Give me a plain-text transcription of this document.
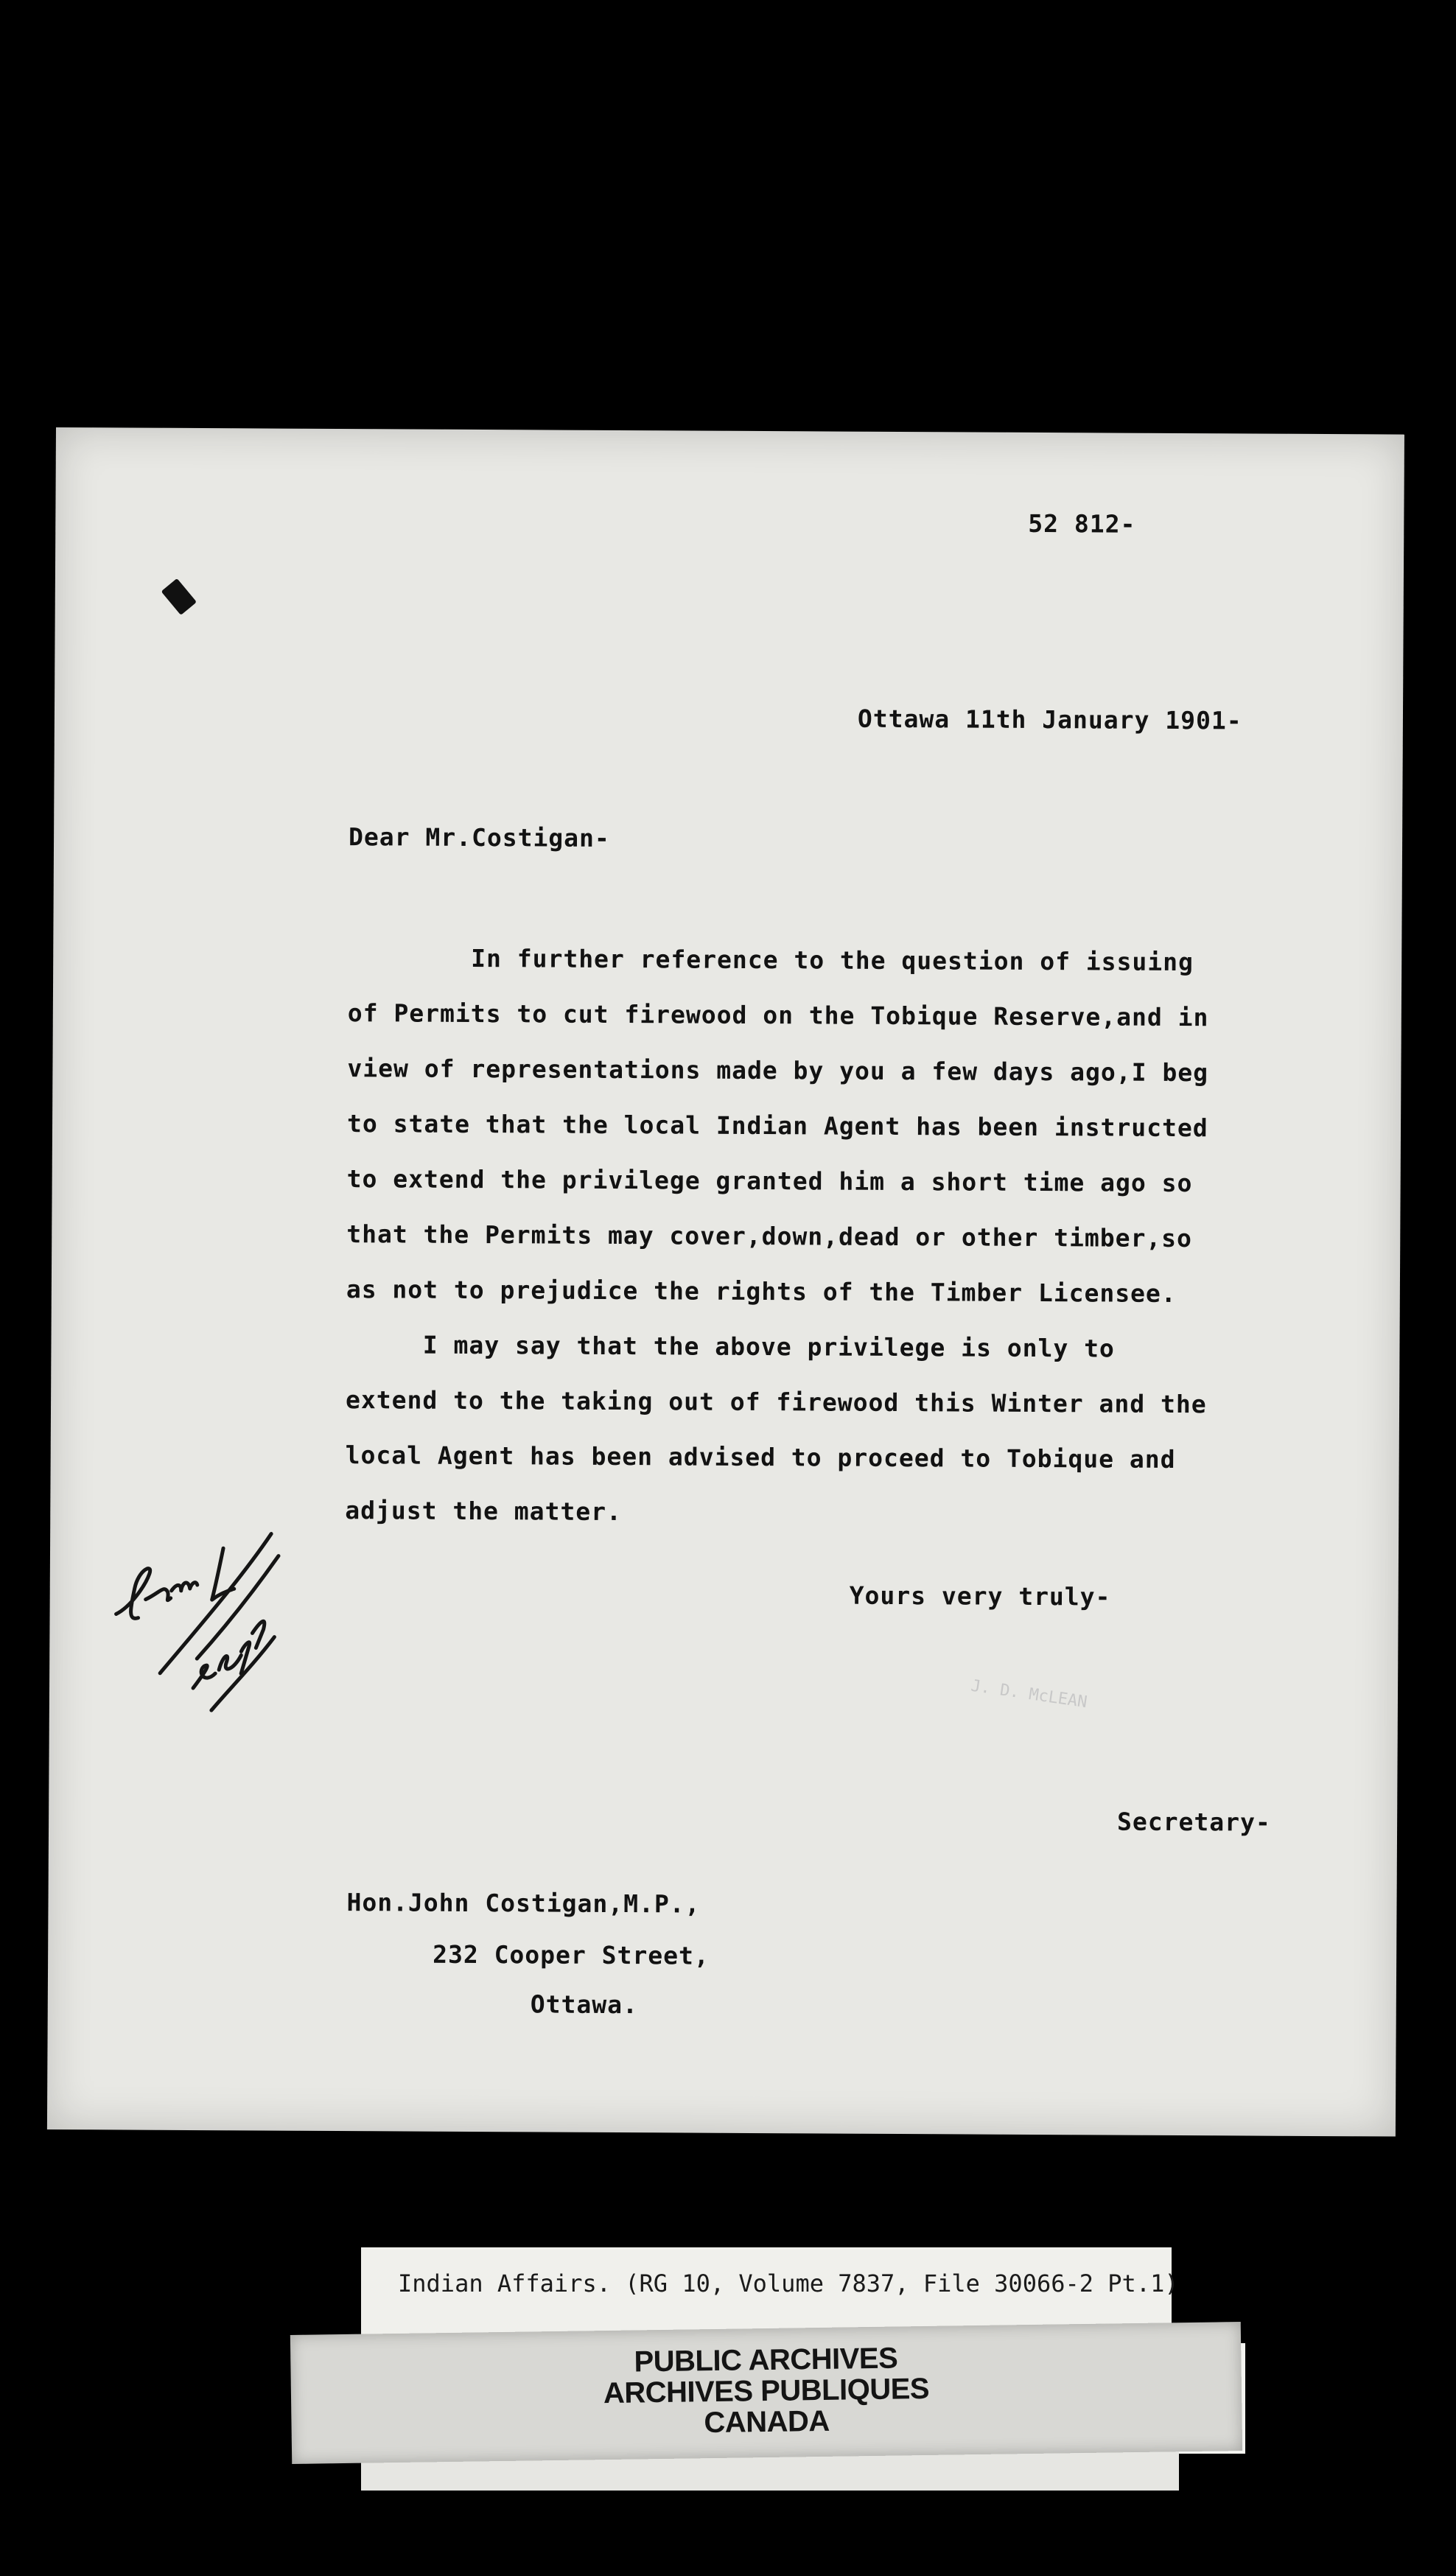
52 812-
Ottawa 11th January 1901-
Dear Mr.Costigan-
In further reference to the question of issuing
of Permits to cut firewood on the Tobique Reserve,and in
view of representations made by you a few days ago,I beg
to state that the local Indian Agent has been instructed
to extend the privilege granted him a short time ago so
that the Permits may cover,down,dead or other timber,so
as not to prejudice the rights of the Timber Licensee.
I may say that the above privilege is only to
extend to the taking out of firewood this Winter and the
local Agent has been advised to proceed to Tobique and
adjust the matter.
Yours very truly-
J. D. McLEAN
Secretary-
Hon.John Costigan,M.P.,
232 Cooper Street,
Ottawa.
Indian Affairs. (RG 10, Volume 7837, File 30066-2 Pt.1)
PUBLIC ARCHIVES
ARCHIVES PUBLIQUES
CANADA
